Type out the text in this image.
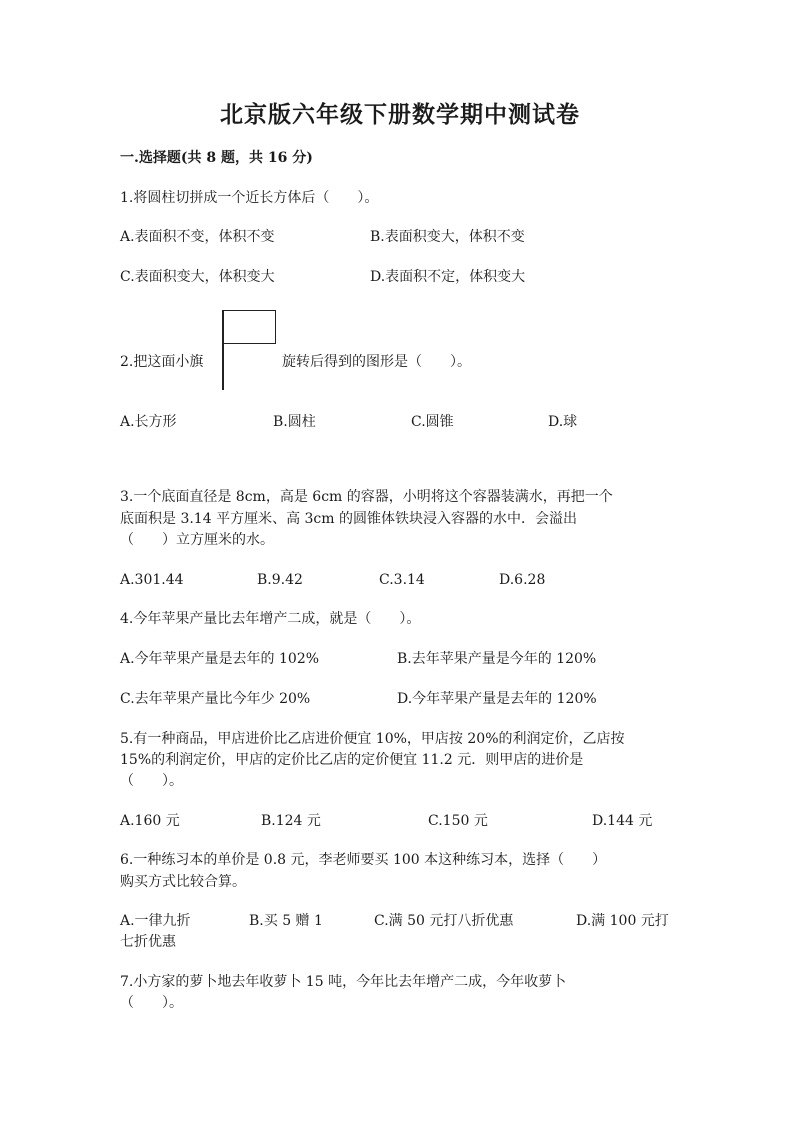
北京版六年级下册数学期中测试卷
一.选择题(共 8 题，共 16 分)
1.将圆柱切拼成一个近长方体后（　　）。
A.表面积不变，体积不变	B.表面积变大，体积不变
C.表面积变大，体积变大	D.表面积不定，体积变大
2.把这面小旗	旋转后得到的图形是（　　）。
A.长方形	B.圆柱	C.圆锥	D.球
3.一个底面直径是 8cm，高是 6cm 的容器，小明将这个容器装满水，再把一个
底面积是 3.14 平方厘米、高 3cm 的圆锥体铁块浸入容器的水中．会溢出
（　　）立方厘米的水。
A.301.44	B.9.42	C.3.14	D.6.28
4.今年苹果产量比去年增产二成，就是（　　）。
A.今年苹果产量是去年的 102%	B.去年苹果产量是今年的 120%
C.去年苹果产量比今年少 20%	D.今年苹果产量是去年的 120%
5.有一种商品，甲店进价比乙店进价便宜 10%，甲店按 20%的利润定价，乙店按
15%的利润定价，甲店的定价比乙店的定价便宜 11.2 元．则甲店的进价是
（　　）。
A.160 元	B.124 元	C.150 元	D.144 元
6.一种练习本的单价是 0.8 元，李老师要买 100 本这种练习本，选择（　　）
购买方式比较合算。
A.一律九折	B.买 5 赠 1	C.满 50 元打八折优惠	D.满 100 元打
七折优惠
7.小方家的萝卜地去年收萝卜 15 吨，今年比去年增产二成，今年收萝卜
（　　）。
